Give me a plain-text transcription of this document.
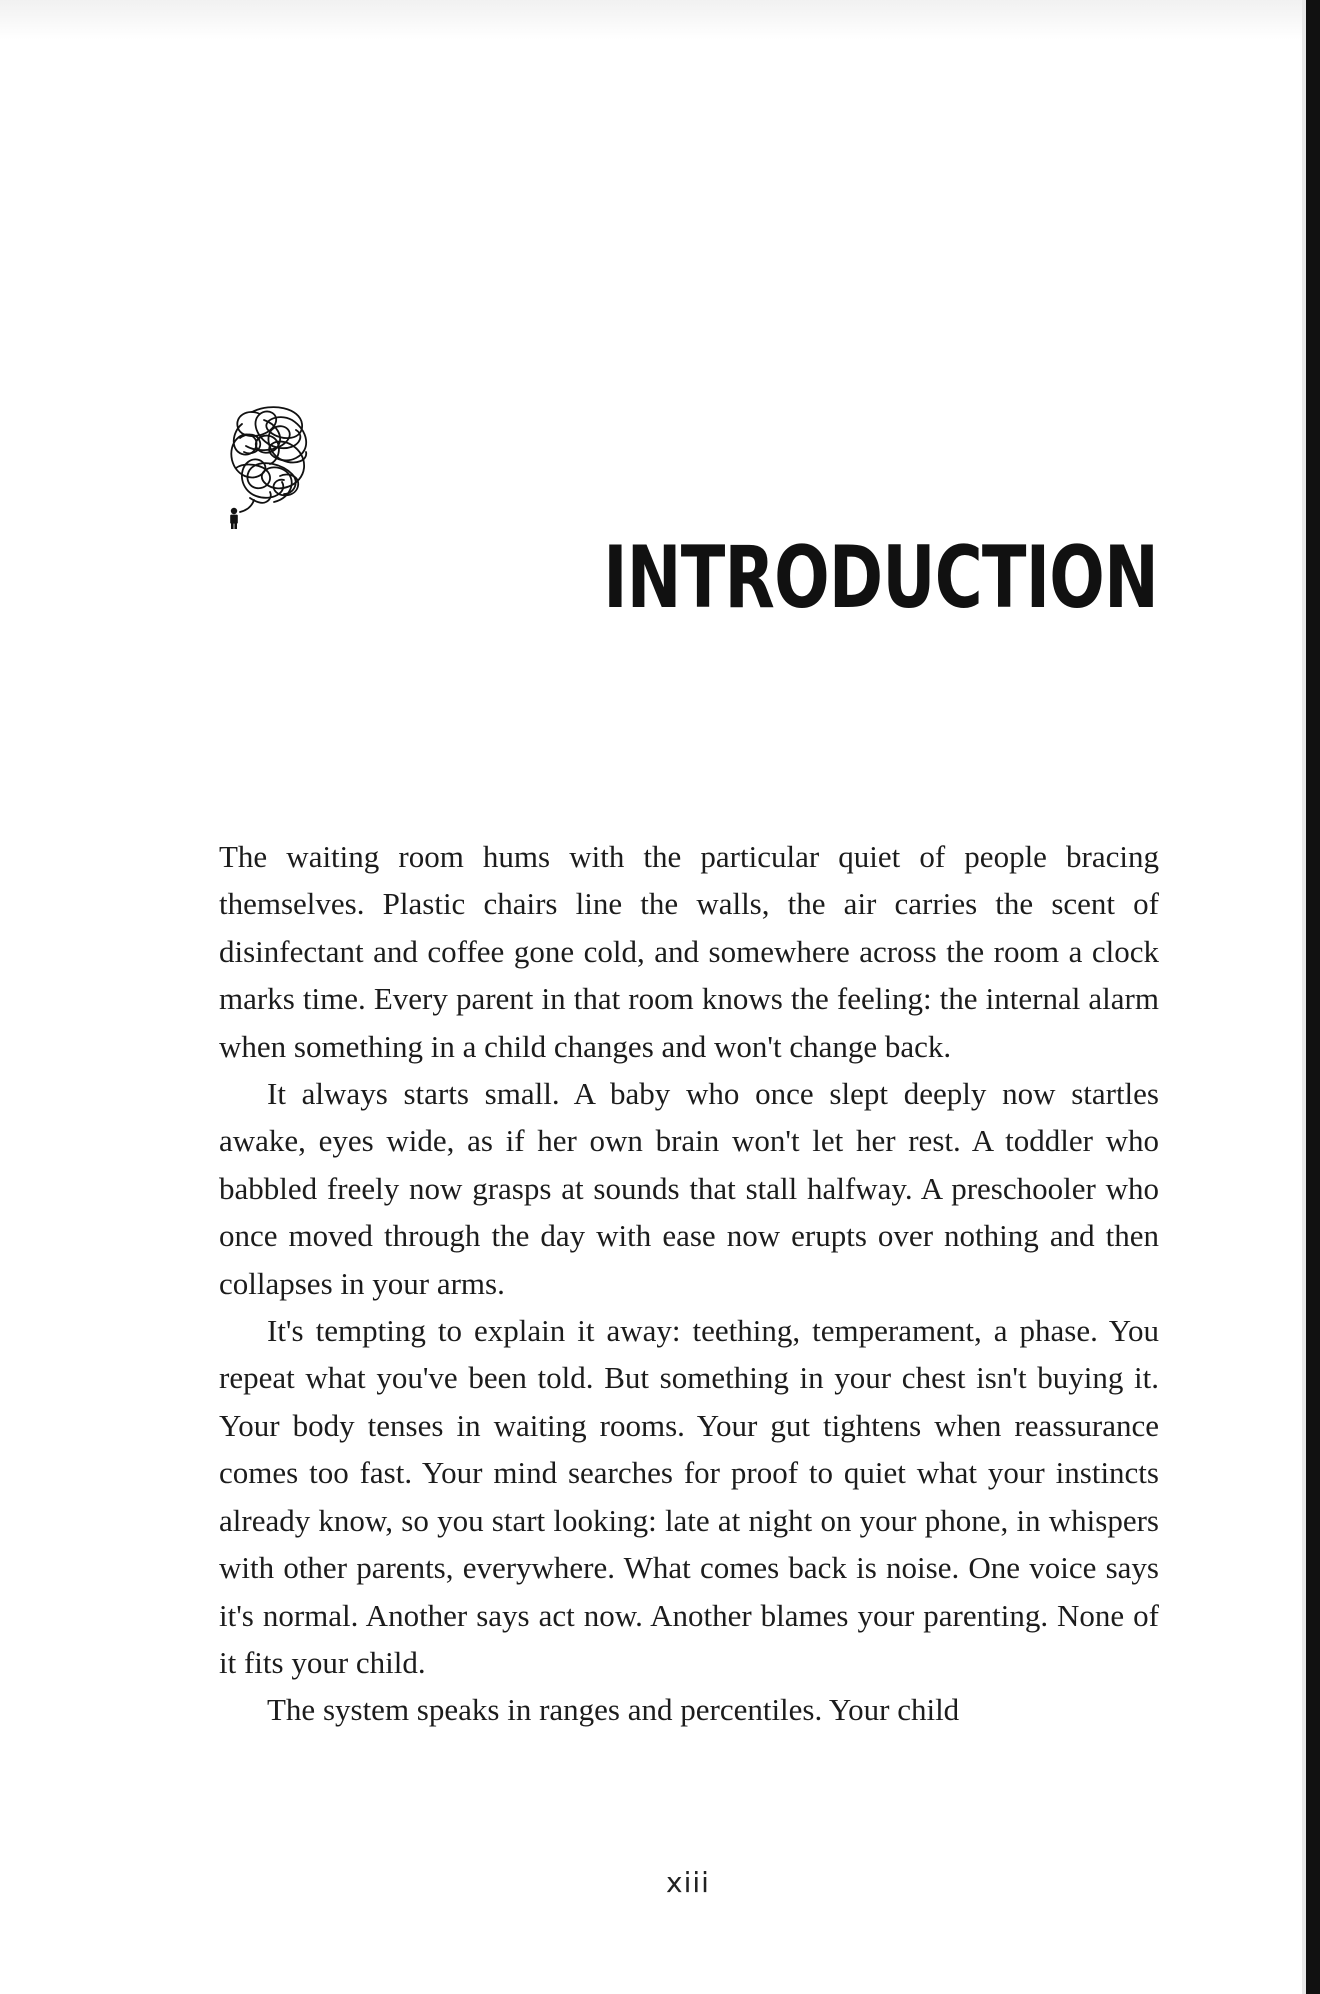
INTRODUCTION

The waiting room hums with the particular quiet of people bracing themselves. Plastic chairs line the walls, the air carries the scent of disinfectant and coffee gone cold, and somewhere across the room a clock marks time. Every parent in that room knows the feeling: the internal alarm when something in a child changes and won't change back.

It always starts small. A baby who once slept deeply now startles awake, eyes wide, as if her own brain won't let her rest. A toddler who babbled freely now grasps at sounds that stall halfway. A preschooler who once moved through the day with ease now erupts over nothing and then collapses in your arms.

It's tempting to explain it away: teething, temperament, a phase. You repeat what you've been told. But something in your chest isn't buying it. Your body tenses in waiting rooms. Your gut tightens when reassurance comes too fast. Your mind searches for proof to quiet what your instincts already know, so you start looking: late at night on your phone, in whispers with other parents, everywhere. What comes back is noise. One voice says it's normal. Another says act now. Another blames your parenting. None of it fits your child.

The system speaks in ranges and percentiles. Your child

xiii
